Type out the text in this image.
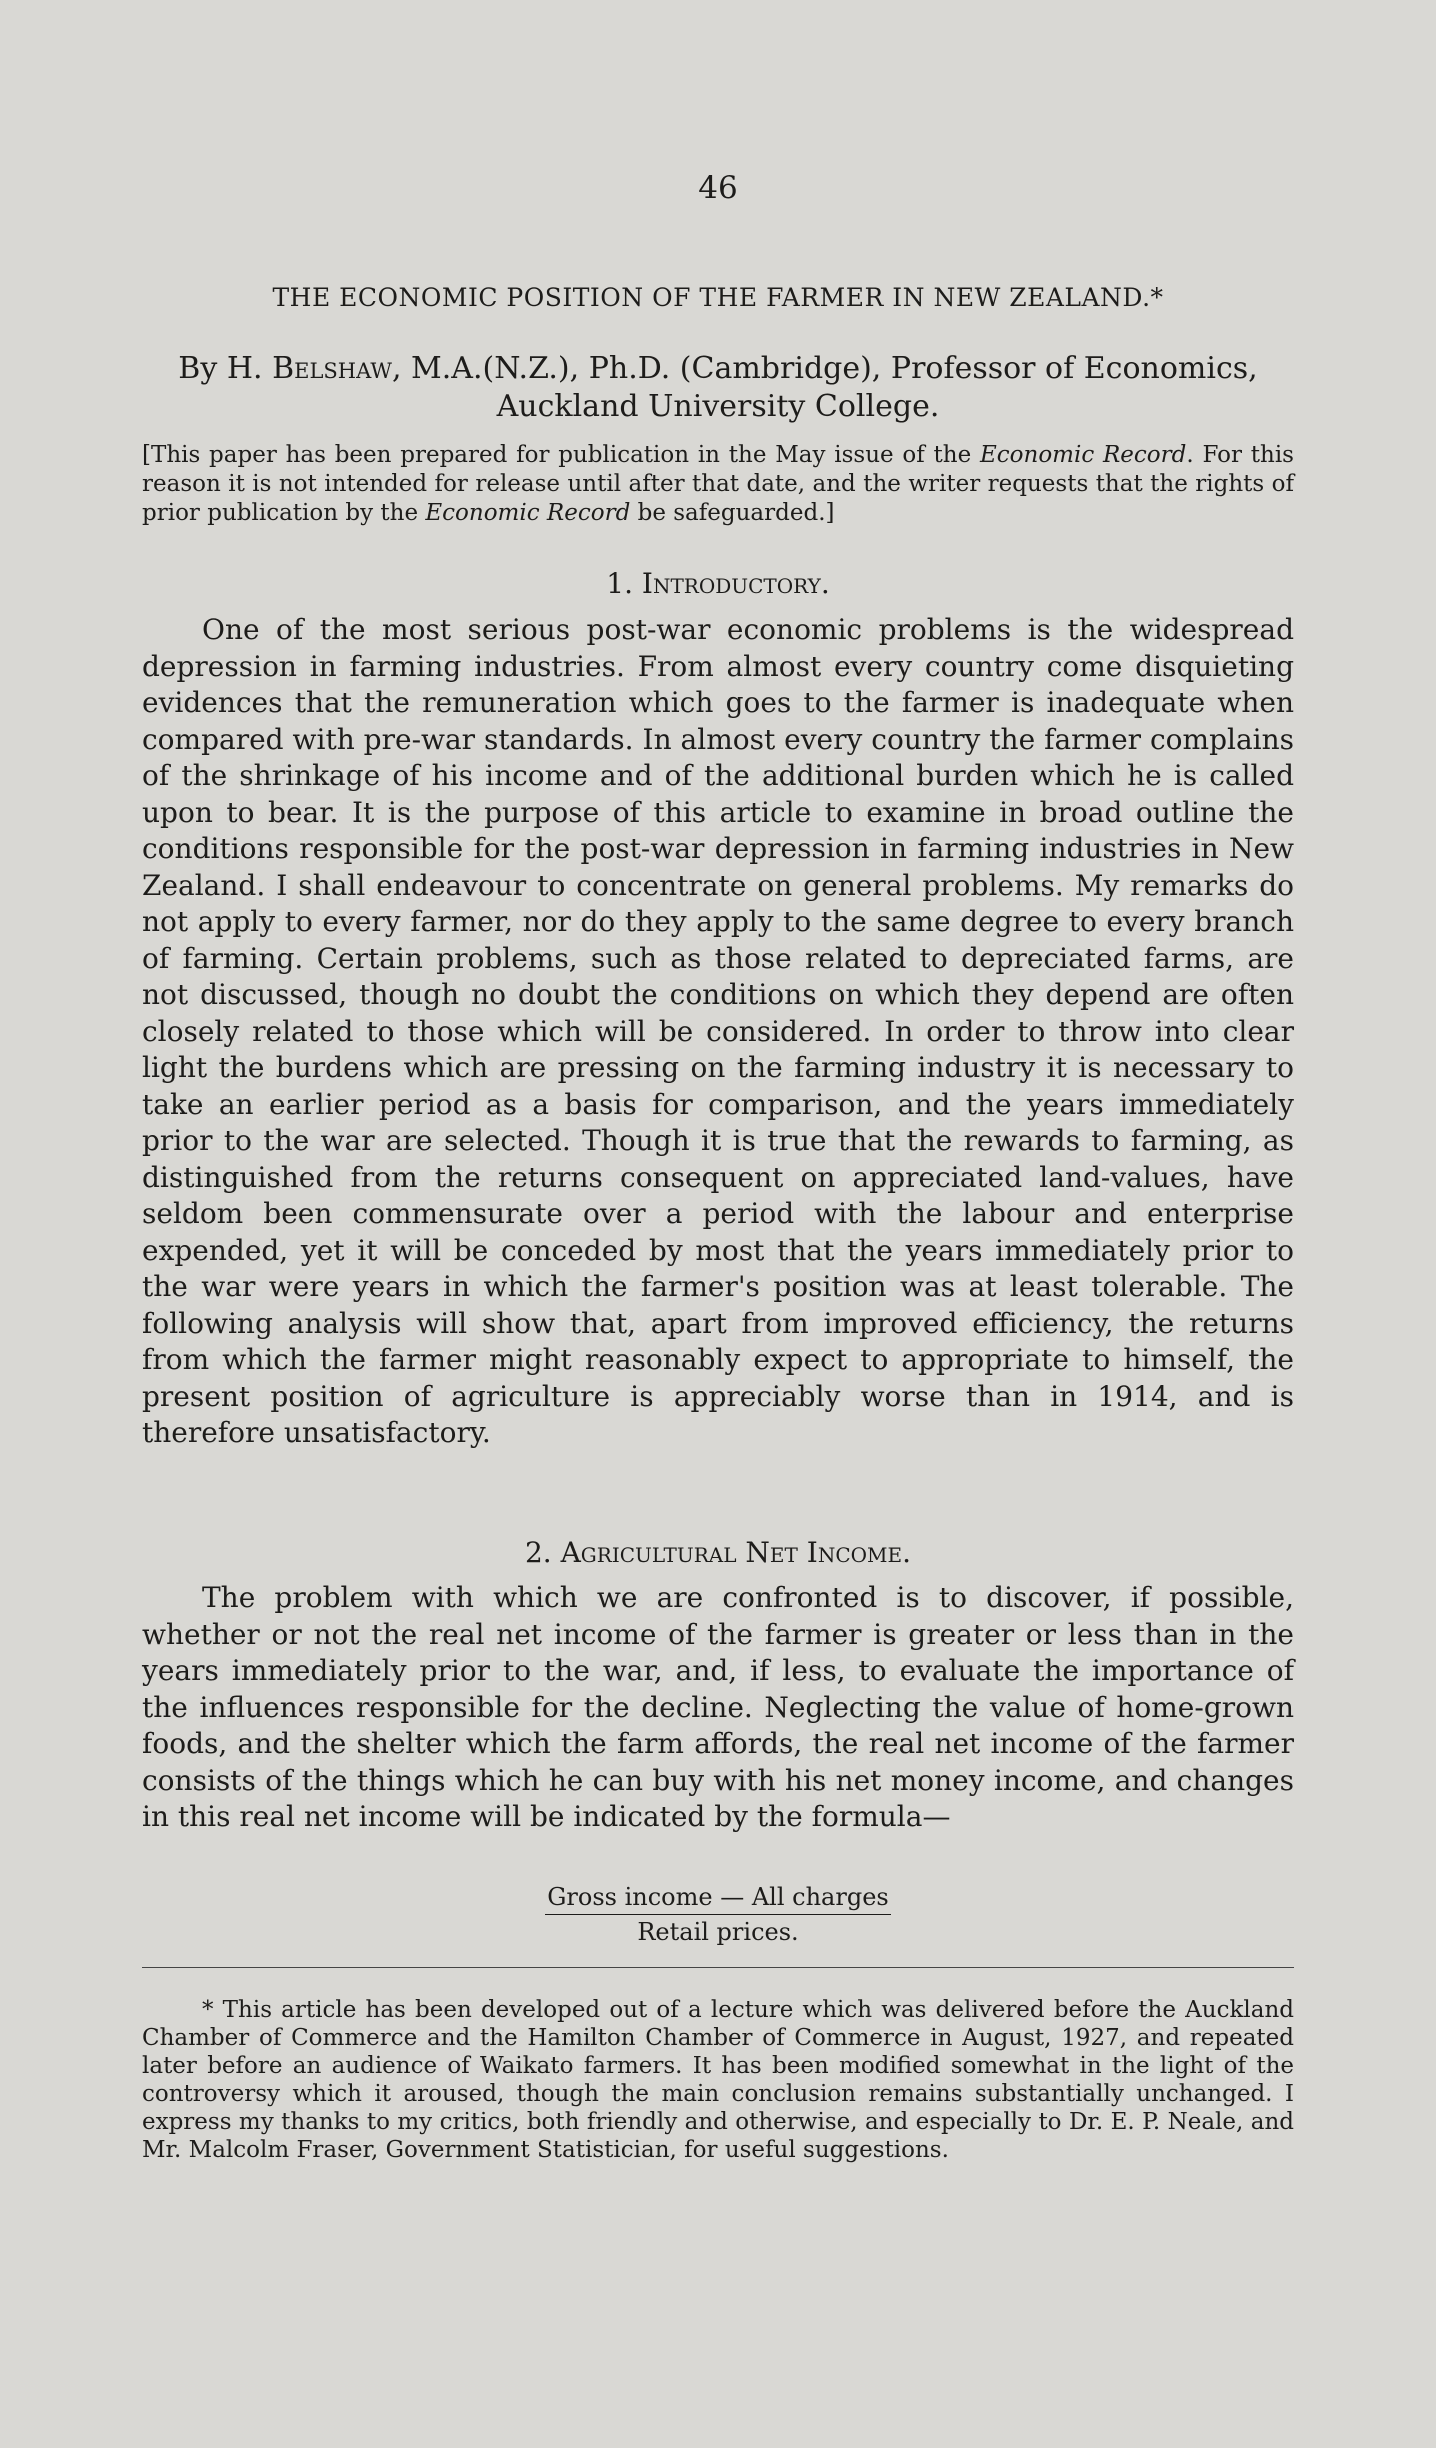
46
THE ECONOMIC POSITION OF THE FARMER IN NEW ZEALAND.*
By H. Belshaw, M.A.(N.Z.), Ph.D. (Cambridge), Professor of Economics,
Auckland University College.
[This paper has been prepared for publication in the May issue of the Economic Record. For this reason it is not intended for release until after that date, and the writer requests that the rights of prior publication by the Economic Record be safeguarded.]
1. Introductory.
One of the most serious post-war economic problems is the widespread depression in farming industries. From almost every country come disquieting evidences that the remuneration which goes to the farmer is inadequate when compared with pre-war standards. In almost every country the farmer complains of the shrinkage of his income and of the additional burden which he is called upon to bear. It is the purpose of this article to examine in broad outline the conditions responsible for the post-war depression in farming industries in New Zealand. I shall endeavour to concentrate on general problems. My remarks do not apply to every farmer, nor do they apply to the same degree to every branch of farming. Certain problems, such as those related to depreciated farms, are not discussed, though no doubt the conditions on which they depend are often closely related to those which will be considered. In order to throw into clear light the burdens which are pressing on the farming industry it is necessary to take an earlier period as a basis for comparison, and the years immediately prior to the war are selected. Though it is true that the rewards to farming, as distinguished from the returns consequent on appreciated land-values, have seldom been commensurate over a period with the labour and enterprise expended, yet it will be conceded by most that the years immediately prior to the war were years in which the farmer's position was at least tolerable. The following analysis will show that, apart from improved efficiency, the returns from which the farmer might reasonably expect to appropriate to himself, the present position of agriculture is appreciably worse than in 1914, and is therefore unsatisfactory.
2. Agricultural Net Income.
The problem with which we are confronted is to discover, if possible, whether or not the real net income of the farmer is greater or less than in the years immediately prior to the war, and, if less, to evaluate the importance of the influences responsible for the decline. Neglecting the value of home-grown foods, and the shelter which the farm affords, the real net income of the farmer consists of the things which he can buy with his net money income, and changes in this real net income will be indicated by the formula—
Gross income — All charges
Retail prices.
* This article has been developed out of a lecture which was delivered before the Auckland Chamber of Commerce and the Hamilton Chamber of Commerce in August, 1927, and repeated later before an audience of Waikato farmers. It has been modified somewhat in the light of the controversy which it aroused, though the main conclusion remains substantially unchanged. I express my thanks to my critics, both friendly and otherwise, and especially to Dr. E. P. Neale, and Mr. Malcolm Fraser, Government Statistician, for useful suggestions.
